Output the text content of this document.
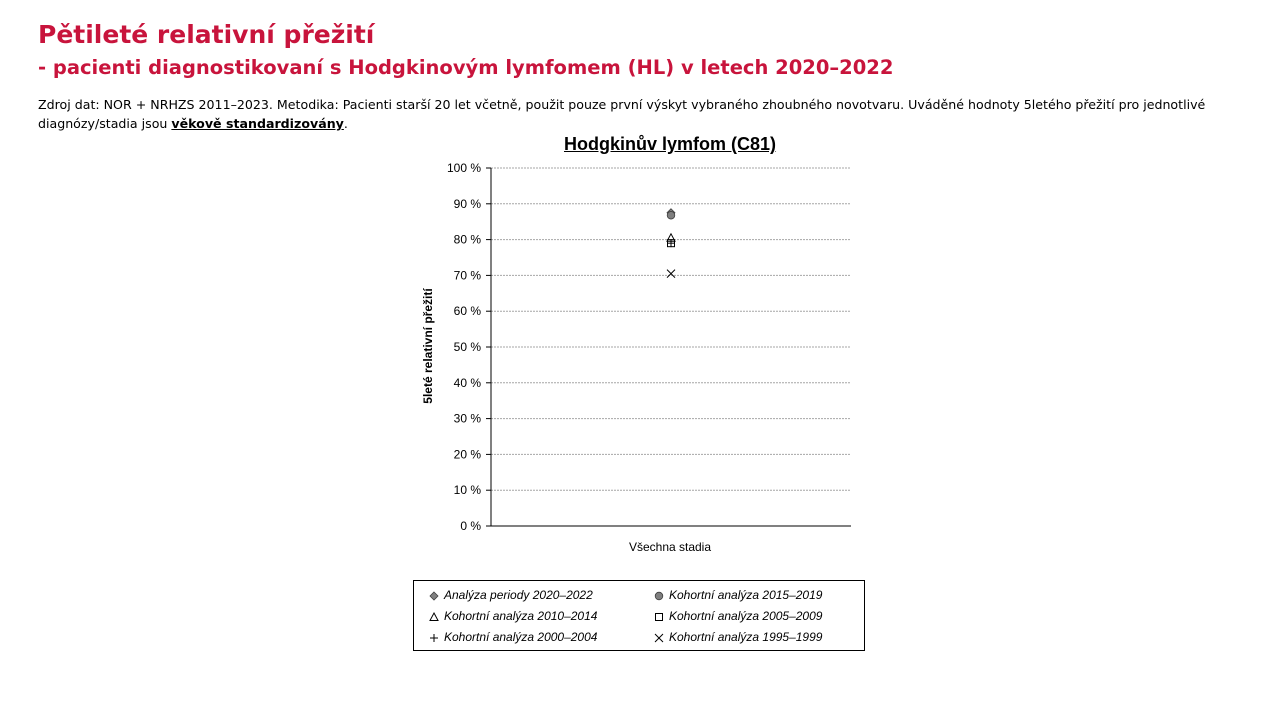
Pětileté relativní přežití
- pacienti diagnostikovaní s Hodgkinovým lymfomem (HL) v letech 2020–2022
Zdroj dat: NOR + NRHZS 2011–2023. Metodika: Pacienti starší 20 let včetně, použit pouze první výskyt vybraného zhoubného novotvaru. Uváděné hodnoty 5letého přežití pro jednotlivé diagnózy/stadia jsou věkově standardizovány.
Hodgkinův lymfom (C81)
0 %
10 %
20 %
30 %
40 %
50 %
60 %
70 %
80 %
90 %
100 %
5leté relativní přežití
Všechna stadia
Analýza periody 2020–2022	Kohortní analýza 2015–2019
Kohortní analýza 2010–2014	Kohortní analýza 2005–2009
Kohortní analýza 2000–2004	Kohortní analýza 1995–1999
